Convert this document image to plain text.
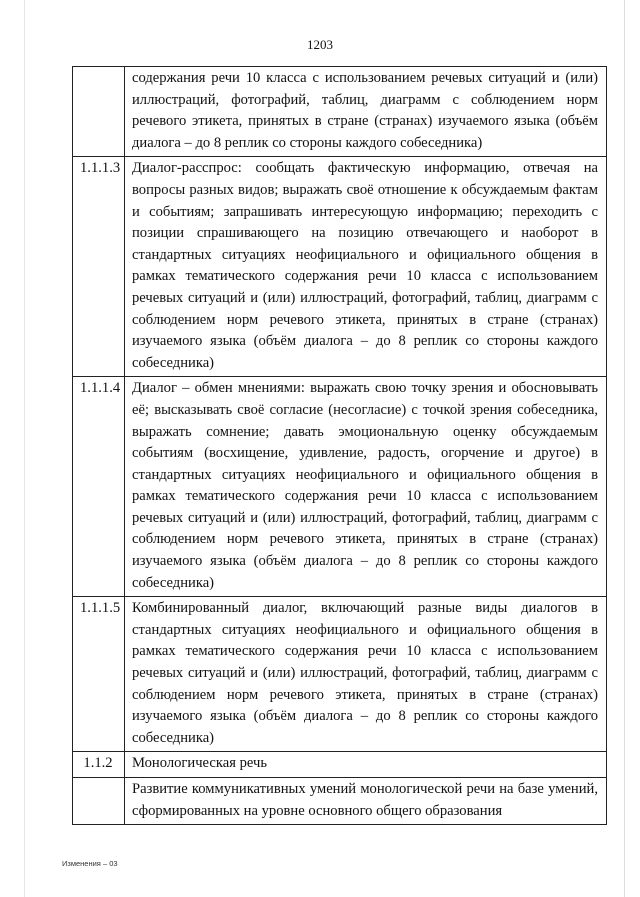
1203
	содержания речи 10 класса с использованием речевых ситуаций и (или) иллюстраций, фотографий, таблиц, диаграмм с соблюдением норм речевого этикета, принятых в стране (странах) изучаемого языка (объём диалога – до 8 реплик со стороны каждого собеседника)
1.1.1.3	Диалог-расспрос: сообщать фактическую информацию, отвечая на вопросы разных видов; выражать своё отношение к обсуждаемым фактам и событиям; запрашивать интересующую информацию; переходить с позиции спрашивающего на позицию отвечающего и наоборот в стандартных ситуациях неофициального и официального общения в рамках тематического содержания речи 10 класса с использованием речевых ситуаций и (или) иллюстраций, фотографий, таблиц, диаграмм с соблюдением норм речевого этикета, принятых в стране (странах) изучаемого языка (объём диалога – до 8 реплик со стороны каждого собеседника)
1.1.1.4	Диалог – обмен мнениями: выражать свою точку зрения и обосновывать её; высказывать своё согласие (несогласие) с точкой зрения собеседника, выражать сомнение; давать эмоциональную оценку обсуждаемым событиям (восхищение, удивление, радость, огорчение и другое) в стандартных ситуациях неофициального и официального общения в рамках тематического содержания речи 10 класса с использованием речевых ситуаций и (или) иллюстраций, фотографий, таблиц, диаграмм с соблюдением норм речевого этикета, принятых в стране (странах) изучаемого языка (объём диалога – до 8 реплик со стороны каждого собеседника)
1.1.1.5	Комбинированный диалог, включающий разные виды диалогов в стандартных ситуациях неофициального и официального общения в рамках тематического содержания речи 10 класса с использованием речевых ситуаций и (или) иллюстраций, фотографий, таблиц, диаграмм с соблюдением норм речевого этикета, принятых в стране (странах) изучаемого языка (объём диалога – до 8 реплик со стороны каждого собеседника)
1.1.2	Монологическая речь
	Развитие коммуникативных умений монологической речи на базе умений, сформированных на уровне основного общего образования
Изменения – 03
